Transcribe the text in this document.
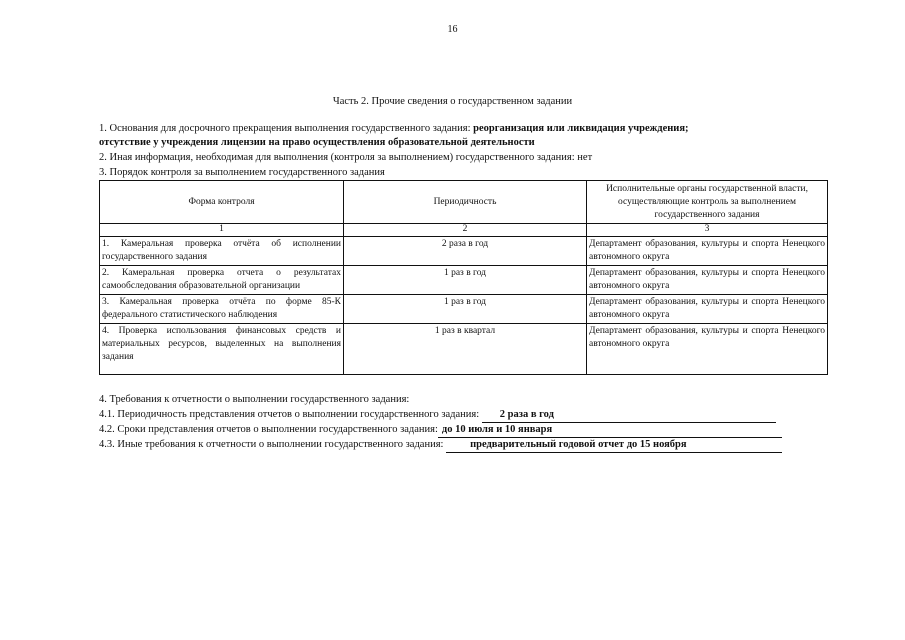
16
Часть 2. Прочие сведения о государственном задании
1. Основания для досрочного прекращения выполнения государственного задания: реорганизация или ликвидация учреждения;
отсутствие у учреждения лицензии на право осуществления образовательной деятельности
2. Иная информация, необходимая для выполнения (контроля за выполнением) государственного задания: нет
3. Порядок контроля за выполнением государственного задания
Форма контроля	Периодичность	Исполнительные органы государственной власти, осуществляющие контроль за выполнением государственного задания
1	2	3
1. Камеральная проверка отчёта об исполнении государственного задания	2 раза в год	Департамент образования, культуры и спорта Ненецкого автономного округа
2. Камеральная проверка отчета о результатах самообследования образовательной организации	1 раз в год	Департамент образования, культуры и спорта Ненецкого автономного округа
3. Камеральная проверка отчёта по форме 85-К федерального статистического наблюдения	1 раз в год	Департамент образования, культуры и спорта Ненецкого автономного округа
4. Проверка использования финансовых средств и материальных ресурсов, выделенных на выполнения задания	1 раз в квартал	Департамент образования, культуры и спорта Ненецкого автономного округа
4. Требования к отчетности о выполнении государственного задания:
4.1. Периодичность представления отчетов о выполнении государственного задания: 2 раза в год
4.2. Сроки представления отчетов о выполнении государственного задания: до 10 июля и 10 января
4.3. Иные требования к отчетности о выполнении государственного задания:	предварительный годовой отчет до 15 ноября
